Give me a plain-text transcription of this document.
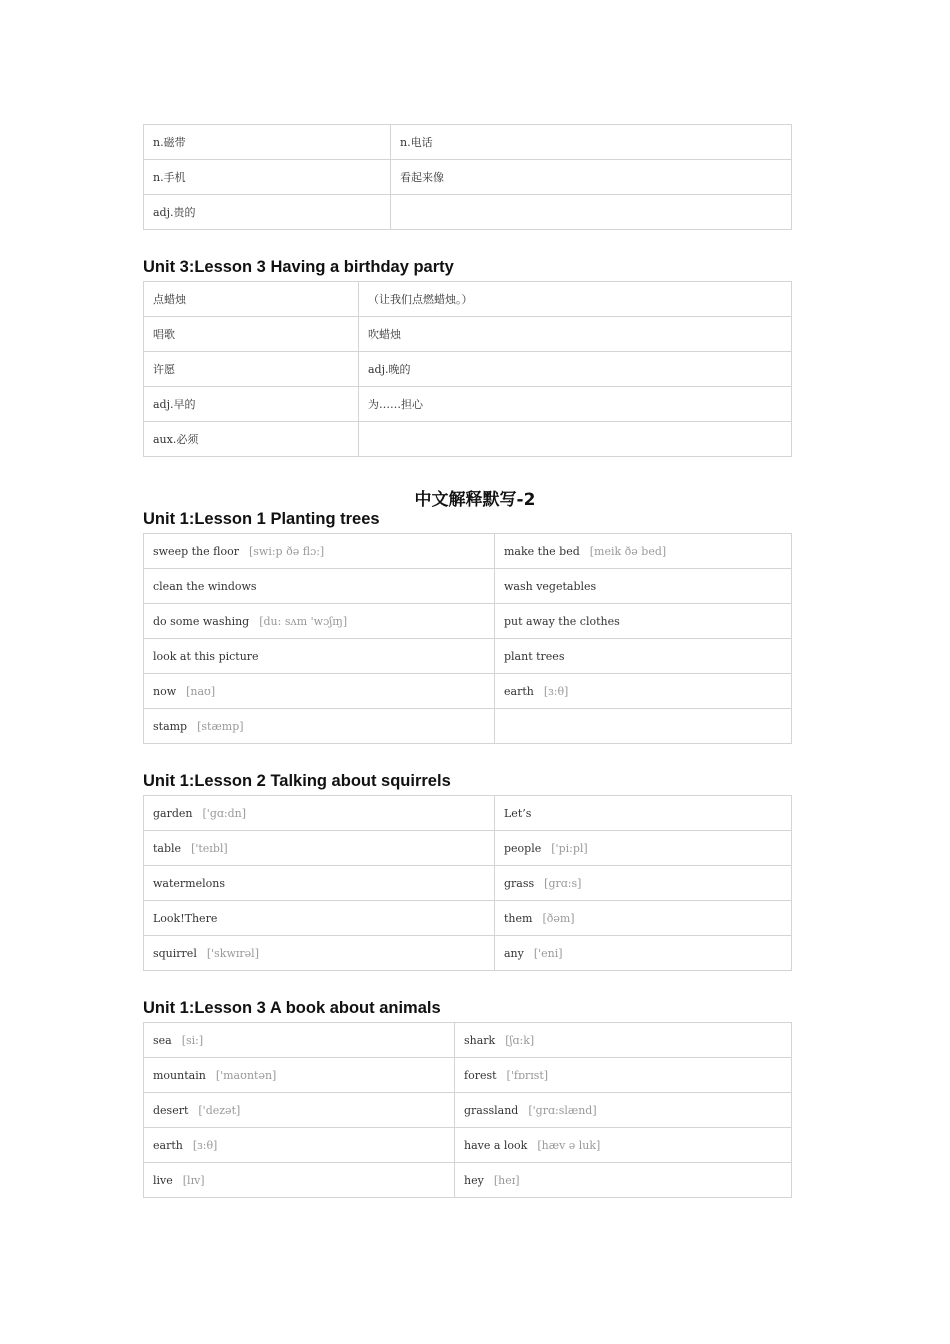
n.磁带	n.电话
n.手机	看起来像
adj.贵的	
Unit 3:Lesson 3 Having a birthday party
点蜡烛	（让我们点燃蜡烛。）
唱歌	吹蜡烛
许愿	adj.晚的
adj.早的	为……担心
aux.必须	
中文解释默写-2
Unit 1:Lesson 1 Planting trees
sweep the floor [swi:p ðə flɔ:]	make the bed [meik ðə bed]
clean the windows	wash vegetables
do some washing [du: sʌm 'wɔʃɪŋ]	put away the clothes
look at this picture	plant trees
now [naʊ]	earth [ɜ:θ]
stamp [stæmp]	
Unit 1:Lesson 2 Talking about squirrels
garden ['gɑ:dn]	Let’s
table ['teɪbl]	people ['pi:pl]
watermelons	grass [grɑ:s]
Look!There	them [ðəm]
squirrel ['skwɪrəl]	any ['eni]
Unit 1:Lesson 3 A book about animals
sea [si:]	shark [ʃɑ:k]
mountain ['maʊntən]	forest ['fɒrɪst]
desert ['dezət]	grassland ['grɑ:slænd]
earth [ɜ:θ]	have a look [hæv ə luk]
live [lɪv]	hey [heɪ]
